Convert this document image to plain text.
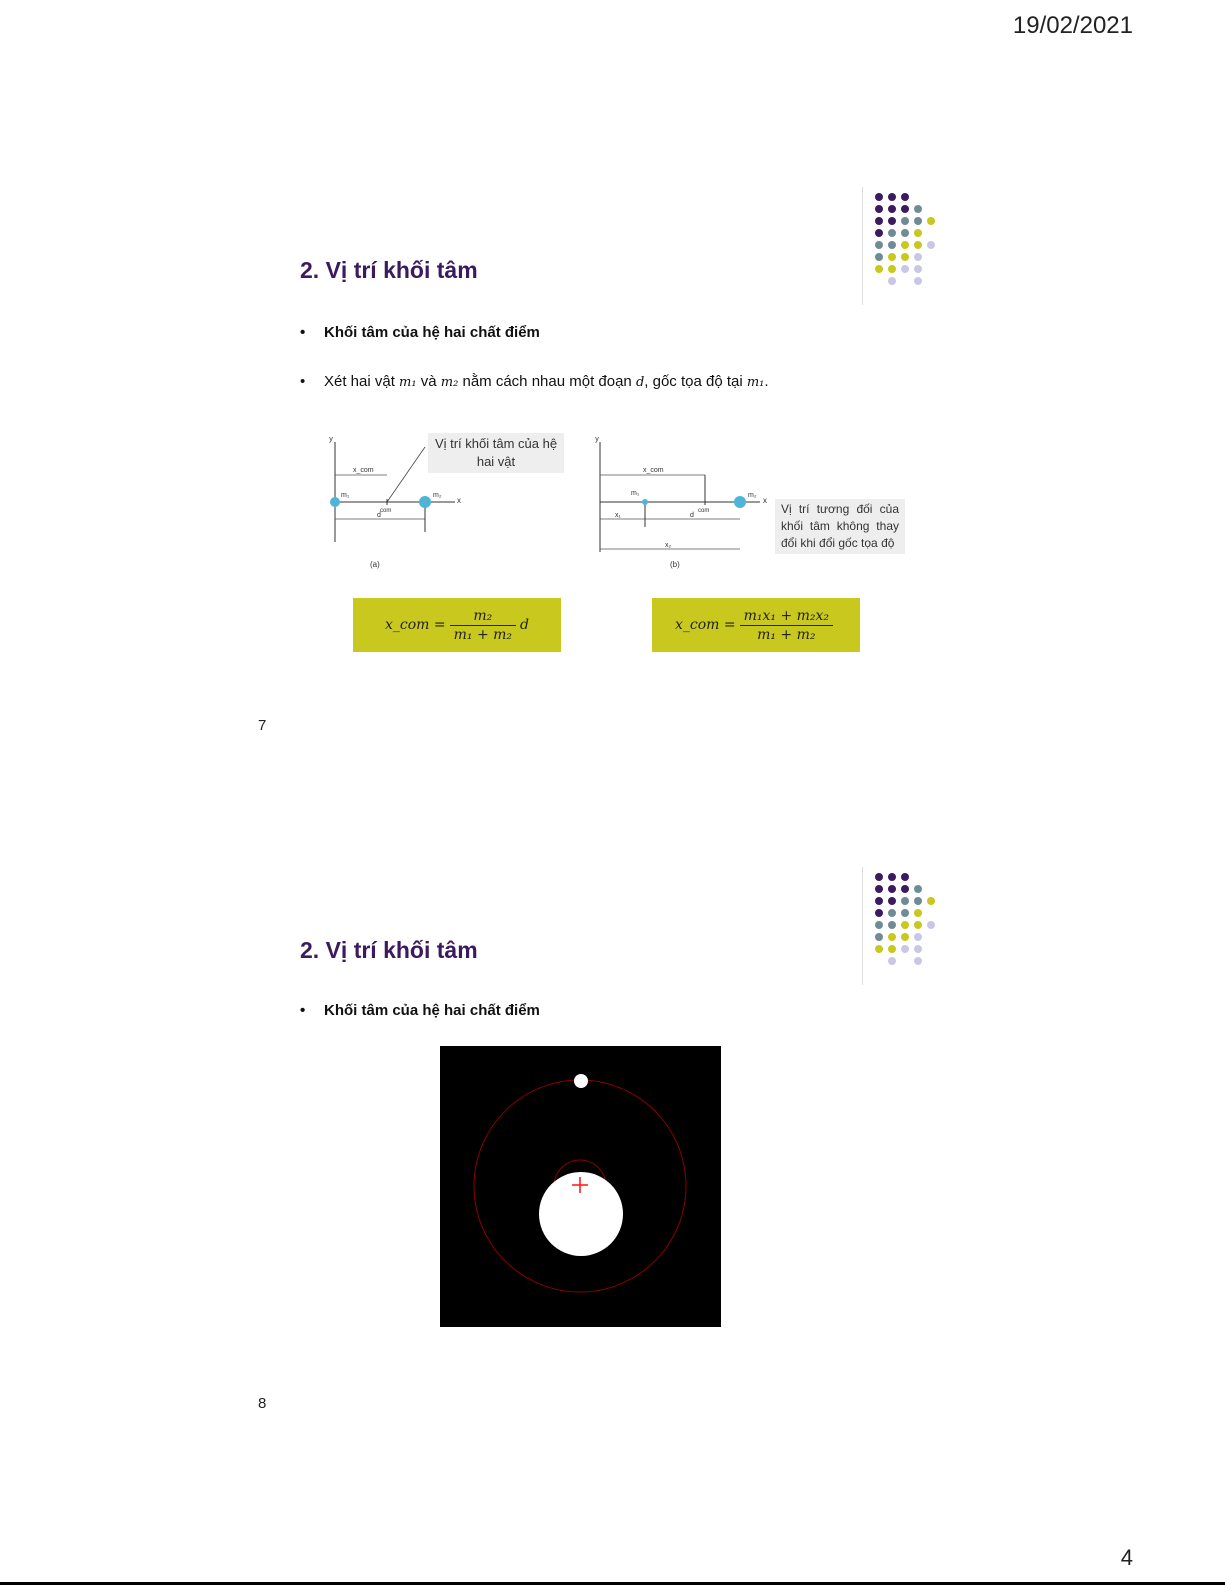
19/02/2021
2. Vị trí khối tâm
• Khối tâm của hệ hai chất điểm
• Xét hai vật m₁ và m₂ nằm cách nhau một đoạn d, gốc tọa độ tại m₁.
y
x
m₁	m₂
com
x_com
d
(a)
Vị trí khối tâm của hệ hai vật
y
x
m₁	m₂
com
x_com
x₁	d
x₂
(b)
Vị trí tương đối của khối tâm không thay đổi khi đổi gốc tọa độ
x_com = $\frac{\text{m₂}}{\text{m₁ + m₂}}$ d	x_com = $\frac{\text{m₁x₁ + m₂x₂}}{\text{m₁ + m₂}}$
7
2. Vị trí khối tâm
• Khối tâm của hệ hai chất điểm
8
4
